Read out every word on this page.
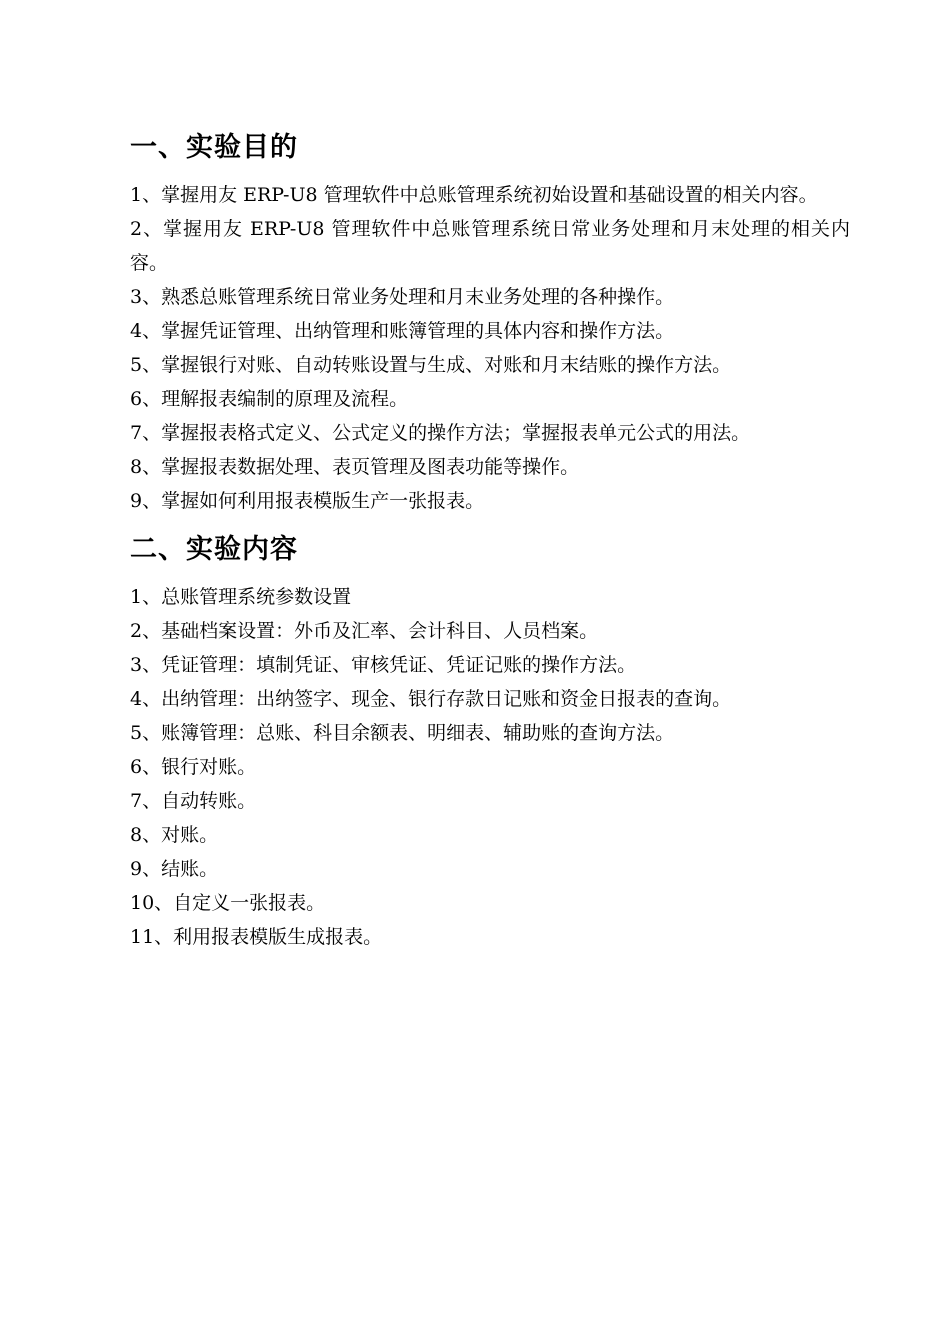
一、实验目的
1、掌握用友 ERP-U8 管理软件中总账管理系统初始设置和基础设置的相关内容。
2、掌握用友 ERP-U8 管理软件中总账管理系统日常业务处理和月末处理的相关内容。
3、熟悉总账管理系统日常业务处理和月末业务处理的各种操作。
4、掌握凭证管理、出纳管理和账簿管理的具体内容和操作方法。
5、掌握银行对账、自动转账设置与生成、对账和月末结账的操作方法。
6、理解报表编制的原理及流程。
7、掌握报表格式定义、公式定义的操作方法；掌握报表单元公式的用法。
8、掌握报表数据处理、表页管理及图表功能等操作。
9、掌握如何利用报表模版生产一张报表。
二、实验内容
1、总账管理系统参数设置
2、基础档案设置：外币及汇率、会计科目、人员档案。
3、凭证管理：填制凭证、审核凭证、凭证记账的操作方法。
4、出纳管理：出纳签字、现金、银行存款日记账和资金日报表的查询。
5、账簿管理：总账、科目余额表、明细表、辅助账的查询方法。
6、银行对账。
7、自动转账。
8、对账。
9、结账。
10、自定义一张报表。
11、利用报表模版生成报表。
